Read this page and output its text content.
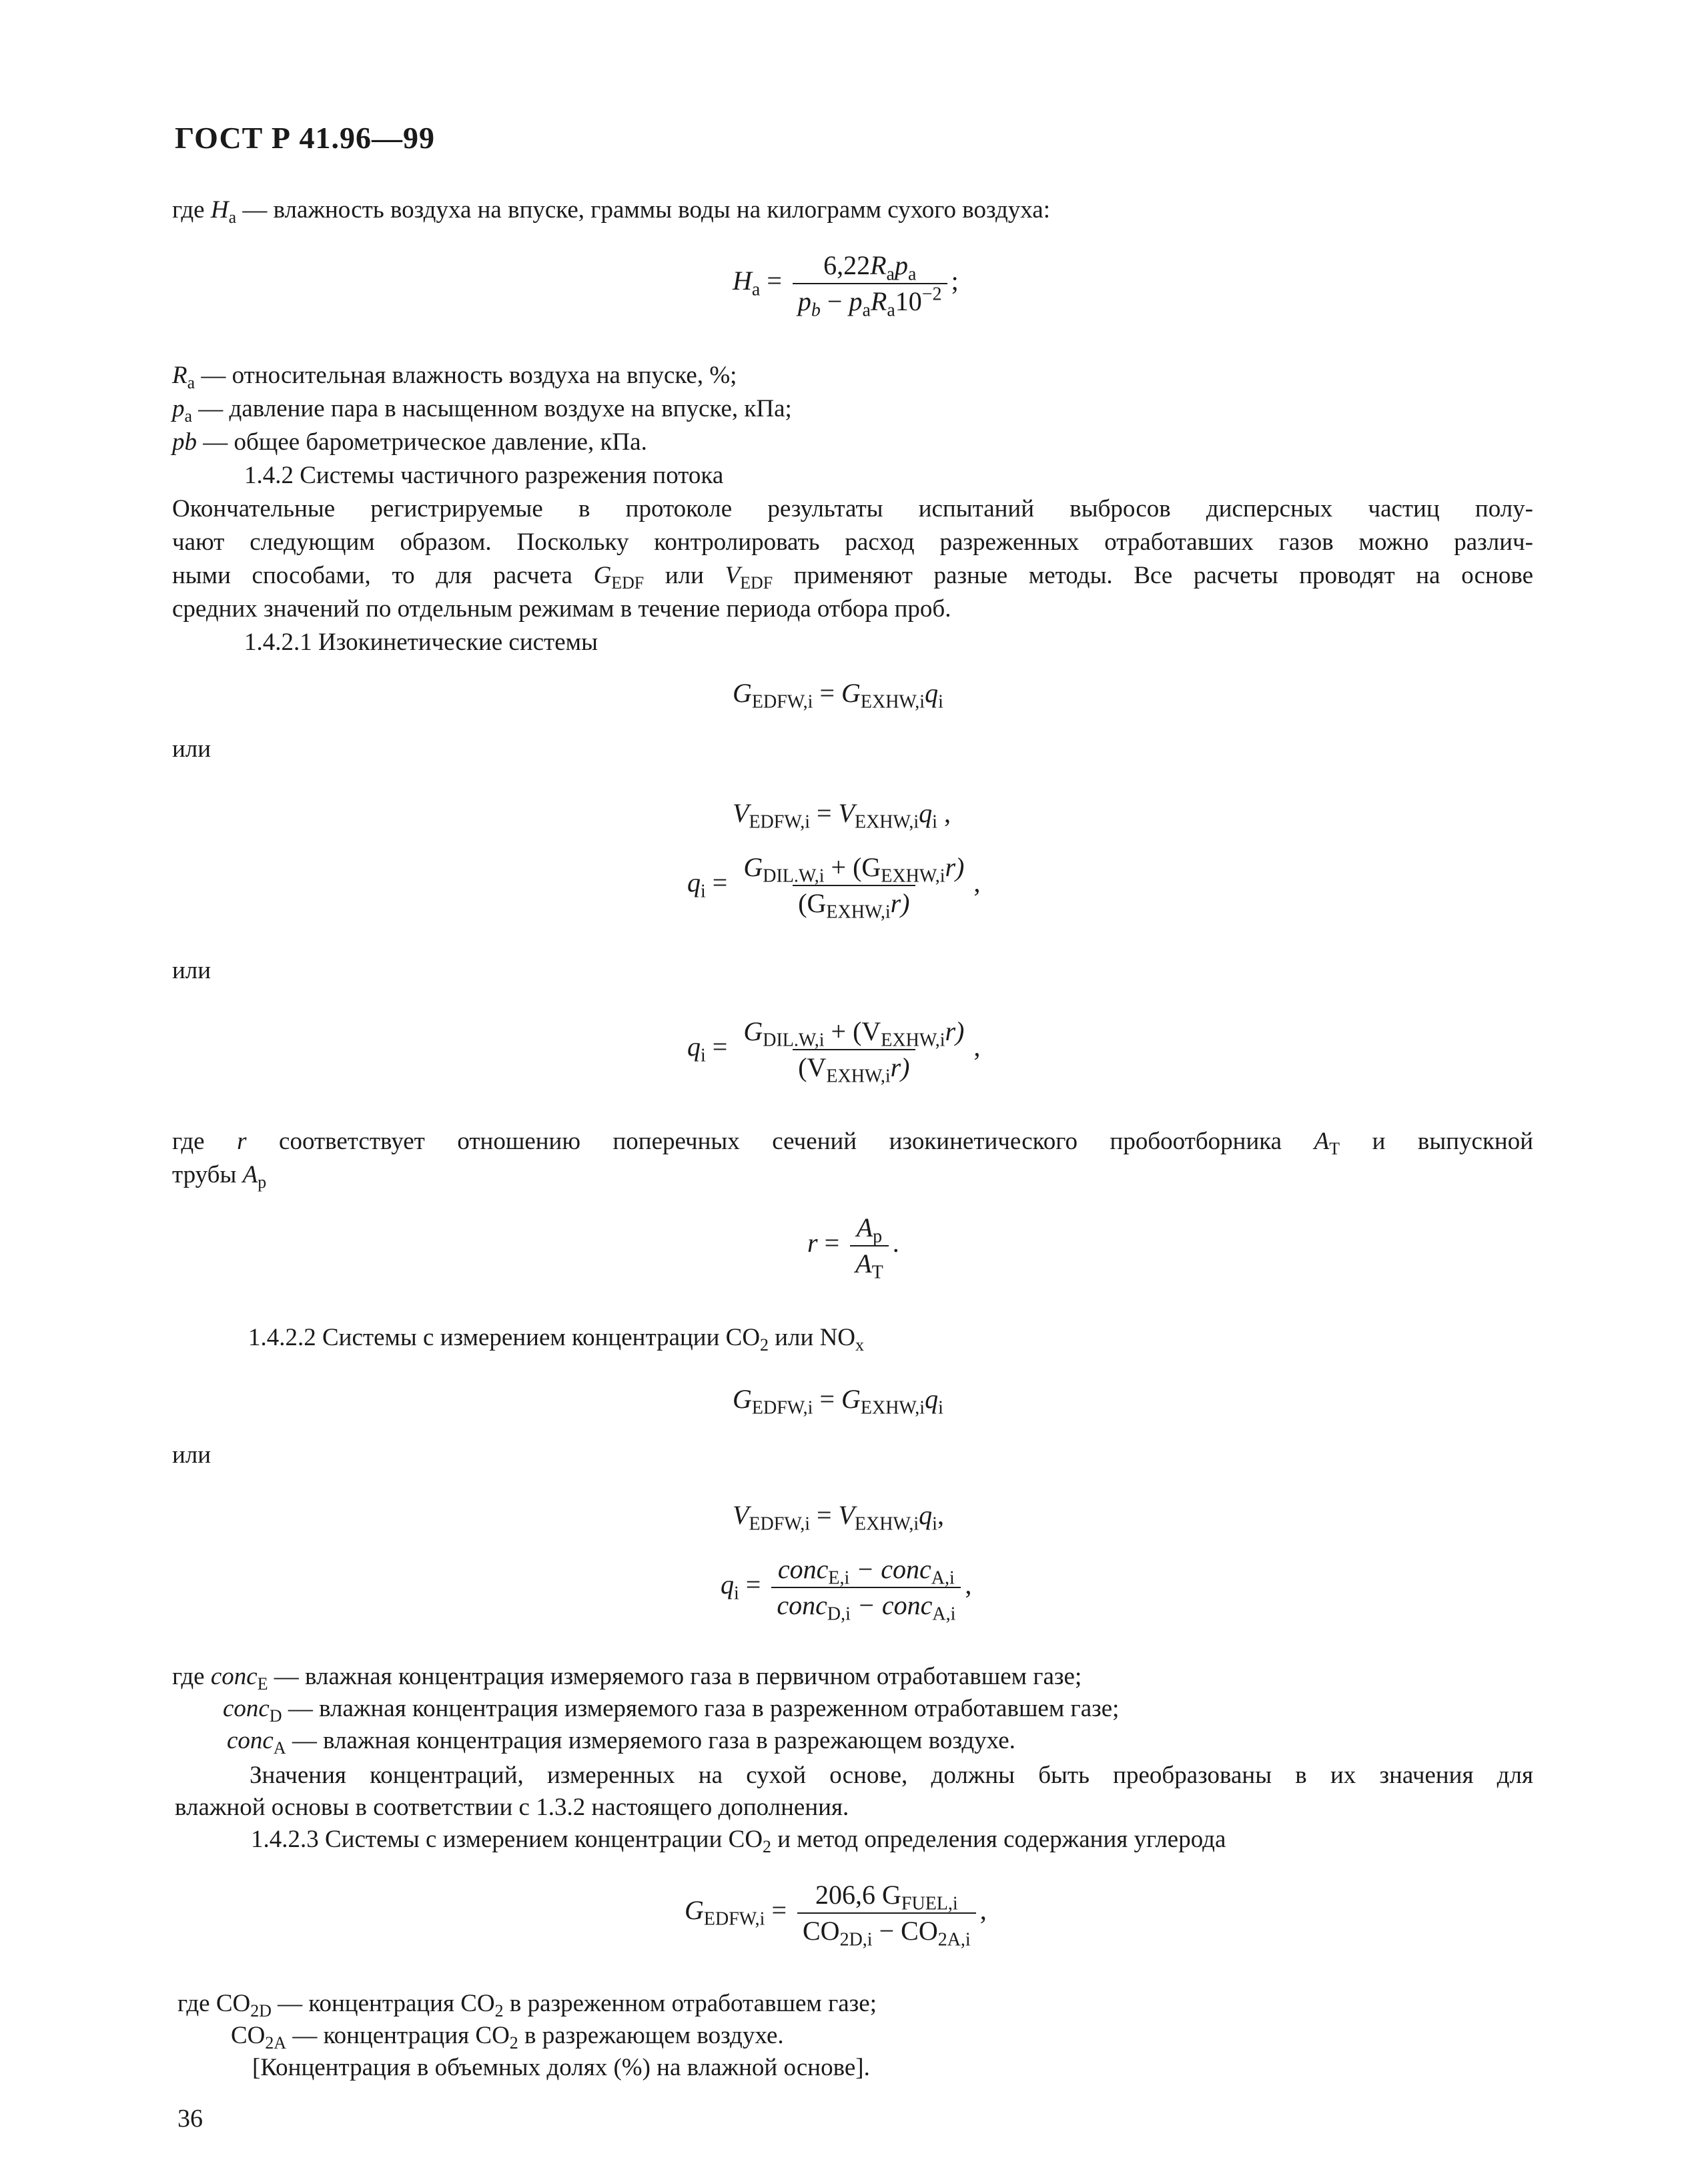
ГОСТ Р 41.96—99
где $H_a$ — влажность воздуха на впуске, граммы воды на килограмм сухого воздуха:
$H_a = \frac{6,22R_ap_a}{p_b - p_aR_a10^{-2}}$ ;
$R_a$ — относительная влажность воздуха на впуске, %;
$p_a$ — давление пара в насыщенном воздухе на впуске, кПа;
pb — общее барометрическое давление, кПа.
1.4.2 Системы частичного разрежения потока
Окончательные регистрируемые в протоколе результаты испытаний выбросов дисперсных частиц полу-
чают следующим образом. Поскольку контролировать расход разреженных отработавших газов можно различ-
ными способами, то для расчета $G_{EDF}$ или $V_{EDF}$ применяют разные методы. Все расчеты проводят на основе
средних значений по отдельным режимам в течение периода отбора проб.
1.4.2.1 Изокинетические системы
$G_{EDFW,i} = G_{EXHW,i}q_i$
или
$V_{EDFW,i} = V_{EXHW,i}q_i$ ,
$q_i = \frac{G_{DIL.W,i} + (G_{EXHW,i}r)}{(G_{EXHW,i}r)}$ ,
или
$q_i = \frac{G_{DIL.W,i} + (V_{EXHW,i}r)}{(V_{EXHW,i}r)}$ ,
где r соответствует отношению поперечных сечений изокинетического пробоотборника $A_T$ и выпускной
трубы $A_p$
$r = \frac{A_p}{A_T}$ .
1.4.2.2 Системы с измерением концентрации $CO_2$ или $NO_x$
$G_{EDFW,i} = G_{EXHW,i}q_i$
или
$V_{EDFW,i} = V_{EXHW,i}q_i$,
$q_i = \frac{conc_{E,i} - conc_{A,i}}{conc_{D,i} - conc_{A,i}}$ ,
где conc$_E$ — влажная концентрация измеряемого газа в первичном отработавшем газе;
conc$_D$ — влажная концентрация измеряемого газа в разреженном отработавшем газе;
conc$_A$ — влажная концентрация измеряемого газа в разрежающем воздухе.
Значения концентраций, измеренных на сухой основе, должны быть преобразованы в их значения для
влажной основы в соответствии с 1.3.2 настоящего дополнения.
1.4.2.3 Системы с измерением концентрации $CO_2$ и метод определения содержания углерода
$G_{EDFW,i} = \frac{206,6 G_{FUEL,i}}{CO_{2D,i} - CO_{2A,i}}$ ,
где $CO_{2D}$ — концентрация $CO_2$ в разреженном отработавшем газе;
$CO_{2A}$ — концентрация $CO_2$ в разрежающем воздухе.
[Концентрация в объемных долях (%) на влажной основе].
36
